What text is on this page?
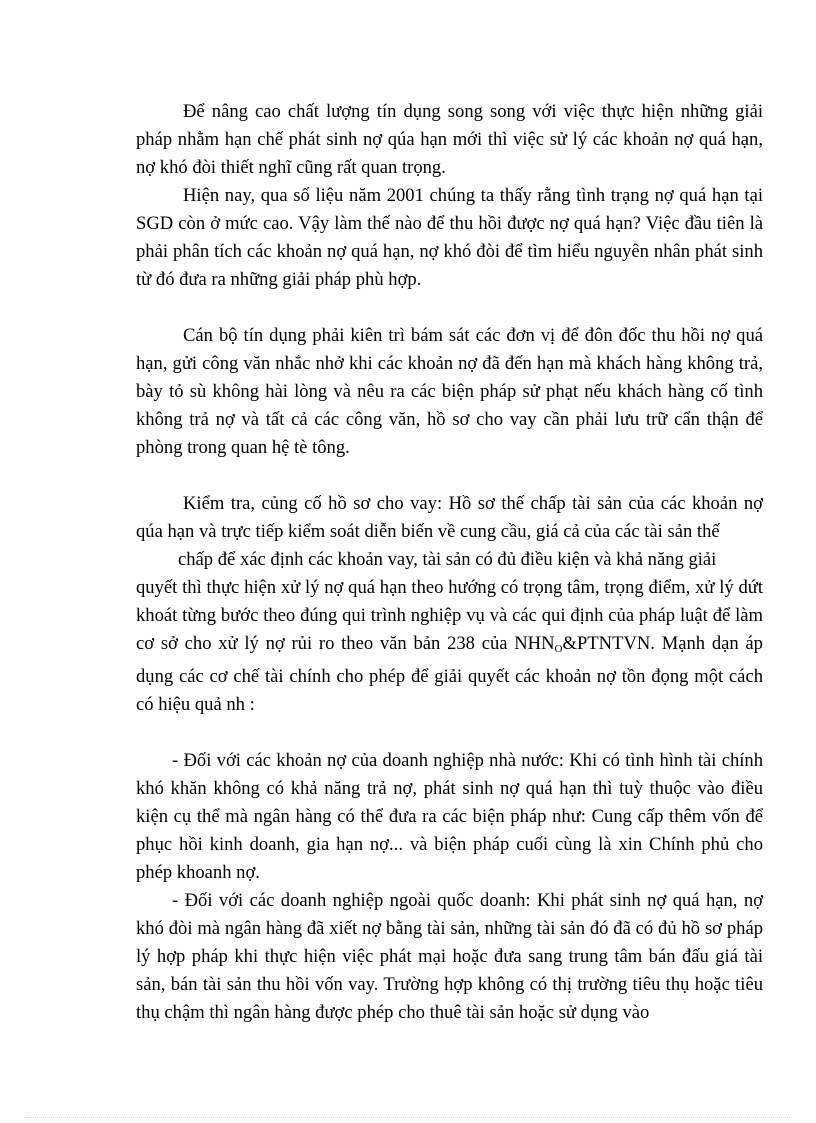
Để nâng cao chất lượng tín dụng song song với việc thực hiện những giải pháp nhằm hạn chế phát sinh nợ qúa hạn mới thì việc sử lý các khoản nợ quá hạn, nợ khó đòi thiết nghĩ cũng rất quan trọng.

Hiện nay, qua số liệu năm 2001 chúng ta thấy rằng tình trạng nợ quá hạn tại SGD còn ở mức cao. Vậy làm thế nào để thu hồi được nợ quá hạn? Việc đầu tiên là phải phân tích các khoản nợ quá hạn, nợ khó đòi để tìm hiểu nguyên nhân phát sinh từ đó đưa ra những giải pháp phù hợp.

Cán bộ tín dụng phải kiên trì bám sát các đơn vị để đôn đốc thu hồi nợ quá hạn, gửi công văn nhắc nhở khi các khoản nợ đã đến hạn mà khách hàng không trả, bày tỏ sù không hài lòng và nêu ra các biện pháp sử phạt nếu khách hàng cố tình không trả nợ và tất cả các công văn, hồ sơ cho vay cần phải lưu trữ cẩn thận để phòng trong quan hệ tè tông.

Kiểm tra, củng cố hồ sơ cho vay: Hồ sơ thế chấp tài sản của các khoản nợ qúa hạn và trực tiếp kiểm soát diễn biến về cung cầu, giá cả của các tài sản thế

chấp để xác định các khoản vay, tài sản có đủ điều kiện và khả năng giải

quyết thì thực hiện xử lý nợ quá hạn theo hướng có trọng tâm, trọng điểm, xử lý dứt khoát từng bước theo đúng qui trình nghiệp vụ và các qui định của pháp luật để làm cơ sở cho xử lý nợ rủi ro theo văn bản 238 của $NHN_O\&PTNTVN$. Mạnh dạn áp dụng các cơ chế tài chính cho phép để giải quyết các khoản nợ tồn đọng một cách có hiệu quả nh :

- Đối với các khoản nợ của doanh nghiệp nhà nước: Khi có tình hình tài chính khó khăn không có khả năng trả nợ, phát sinh nợ quá hạn thì tuỳ thuộc vào điều kiện cụ thể mà ngân hàng có thể đưa ra các biện pháp như: Cung cấp thêm vốn để phục hồi kinh doanh, gia hạn nợ... và biện pháp cuối cùng là xin Chính phủ cho phép khoanh nợ.

- Đối với các doanh nghiệp ngoài quốc doanh: Khi phát sinh nợ quá hạn, nợ khó đòi mà ngân hàng đã xiết nợ bằng tài sản, những tài sản đó đã có đủ hồ sơ pháp lý hợp pháp khi thực hiện việc phát mại hoặc đưa sang trung tâm bán đấu giá tài sản, bán tài sản thu hồi vốn vay. Trường hợp không có thị trường tiêu thụ hoặc tiêu thụ chậm thì ngân hàng được phép cho thuê tài sản hoặc sử dụng vào
